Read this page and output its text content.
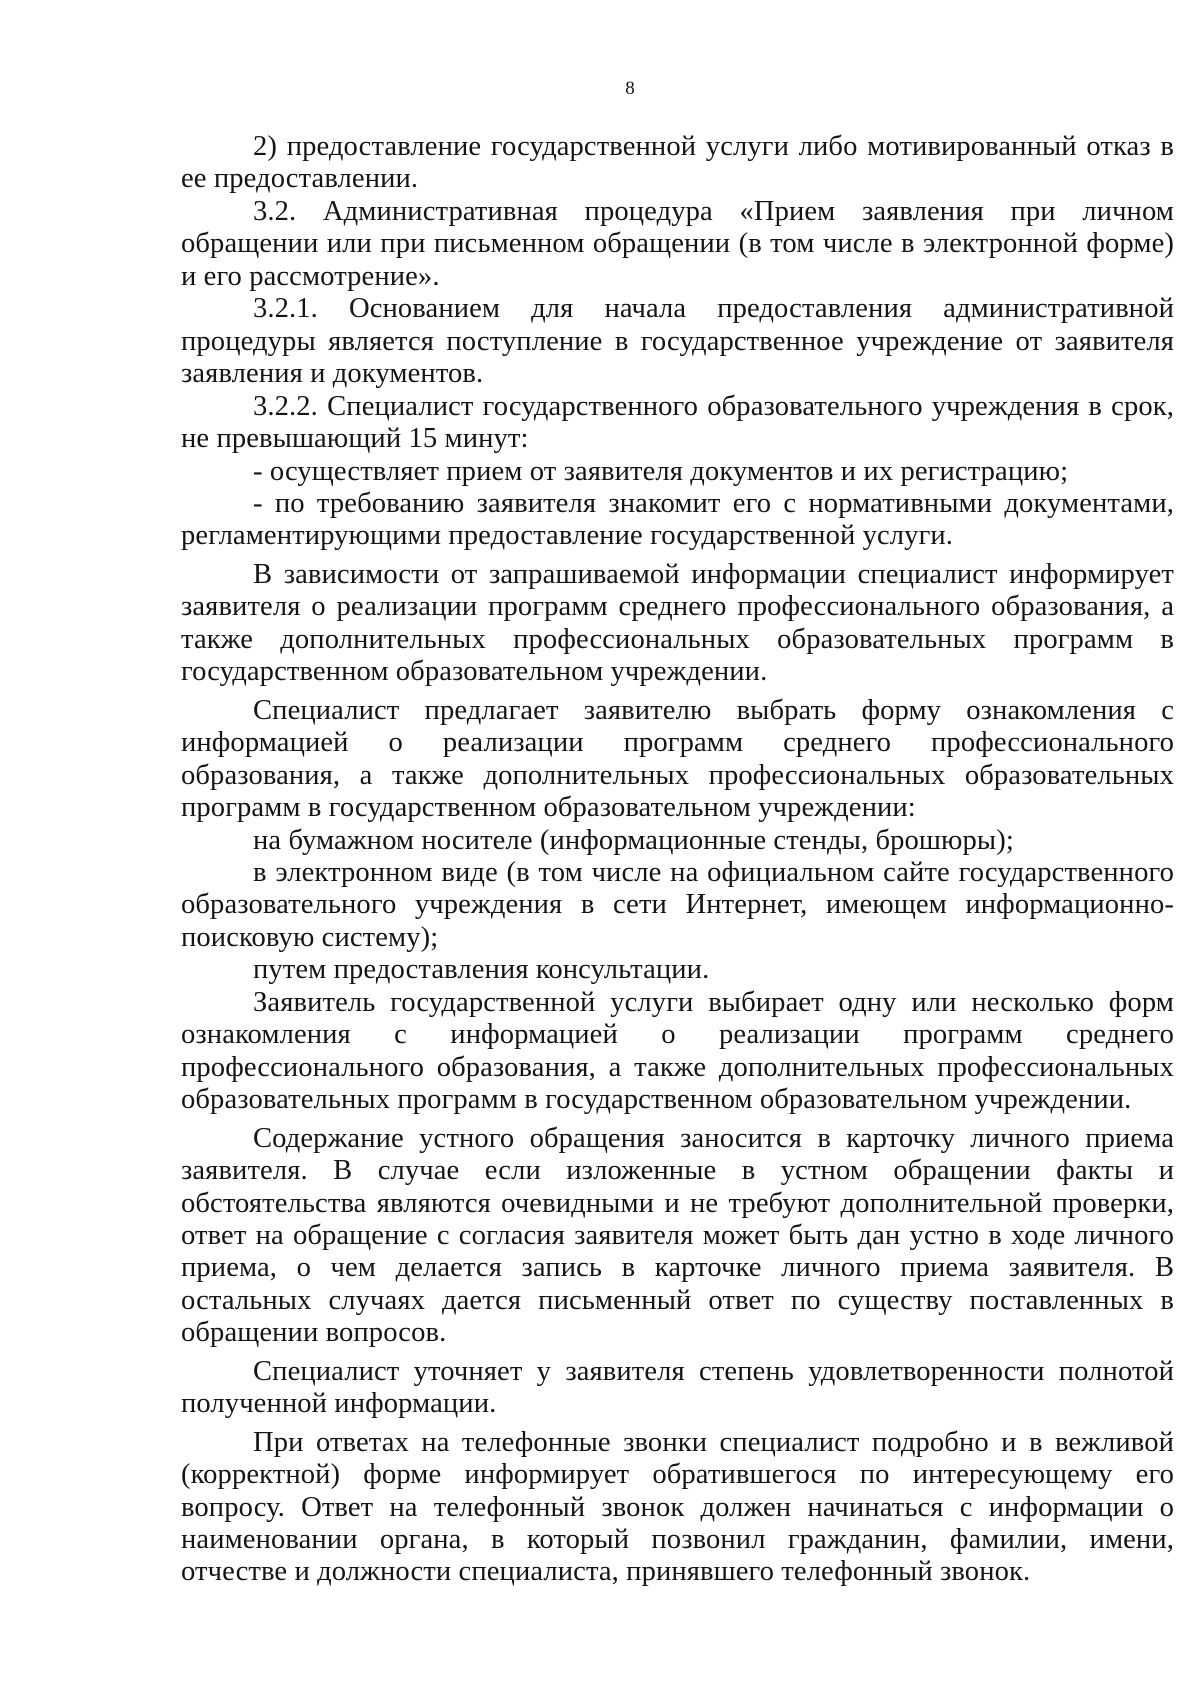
8

2) предоставление государственной услуги либо мотивированный отказ в ее предоставлении.

3.2. Административная процедура «Прием заявления при личном обращении или при письменном обращении (в том числе в электронной форме) и его рассмотрение».

3.2.1. Основанием для начала предоставления административной процедуры является поступление в государственное учреждение от заявителя заявления и документов.

3.2.2. Специалист государственного образовательного учреждения в срок, не превышающий 15 минут:

- осуществляет прием от заявителя документов и их регистрацию;

- по требованию заявителя знакомит его с нормативными документами, регламентирующими предоставление государственной услуги.

В зависимости от запрашиваемой информации специалист информирует заявителя о реализации программ среднего профессионального образования, а также дополнительных профессиональных образовательных программ в государственном образовательном учреждении.

Специалист предлагает заявителю выбрать форму ознакомления с информацией о реализации программ среднего профессионального образования, а также дополнительных профессиональных образовательных программ в государственном образовательном учреждении:

на бумажном носителе (информационные стенды, брошюры);

в электронном виде (в том числе на официальном сайте государственного образовательного учреждения в сети Интернет, имеющем информационно-поисковую систему);

путем предоставления консультации.

Заявитель государственной услуги выбирает одну или несколько форм ознакомления с информацией о реализации программ среднего профессионального образования, а также дополнительных профессиональных образовательных программ в государственном образовательном учреждении.

Содержание устного обращения заносится в карточку личного приема заявителя. В случае если изложенные в устном обращении факты и обстоятельства являются очевидными и не требуют дополнительной проверки, ответ на обращение с согласия заявителя может быть дан устно в ходе личного приема, о чем делается запись в карточке личного приема заявителя. В остальных случаях дается письменный ответ по существу поставленных в обращении вопросов.

Специалист уточняет у заявителя степень удовлетворенности полнотой полученной информации.

При ответах на телефонные звонки специалист подробно и в вежливой (корректной) форме информирует обратившегося по интересующему его вопросу. Ответ на телефонный звонок должен начинаться с информации о наименовании органа, в который позвонил гражданин, фамилии, имени, отчестве и должности специалиста, принявшего телефонный звонок.
